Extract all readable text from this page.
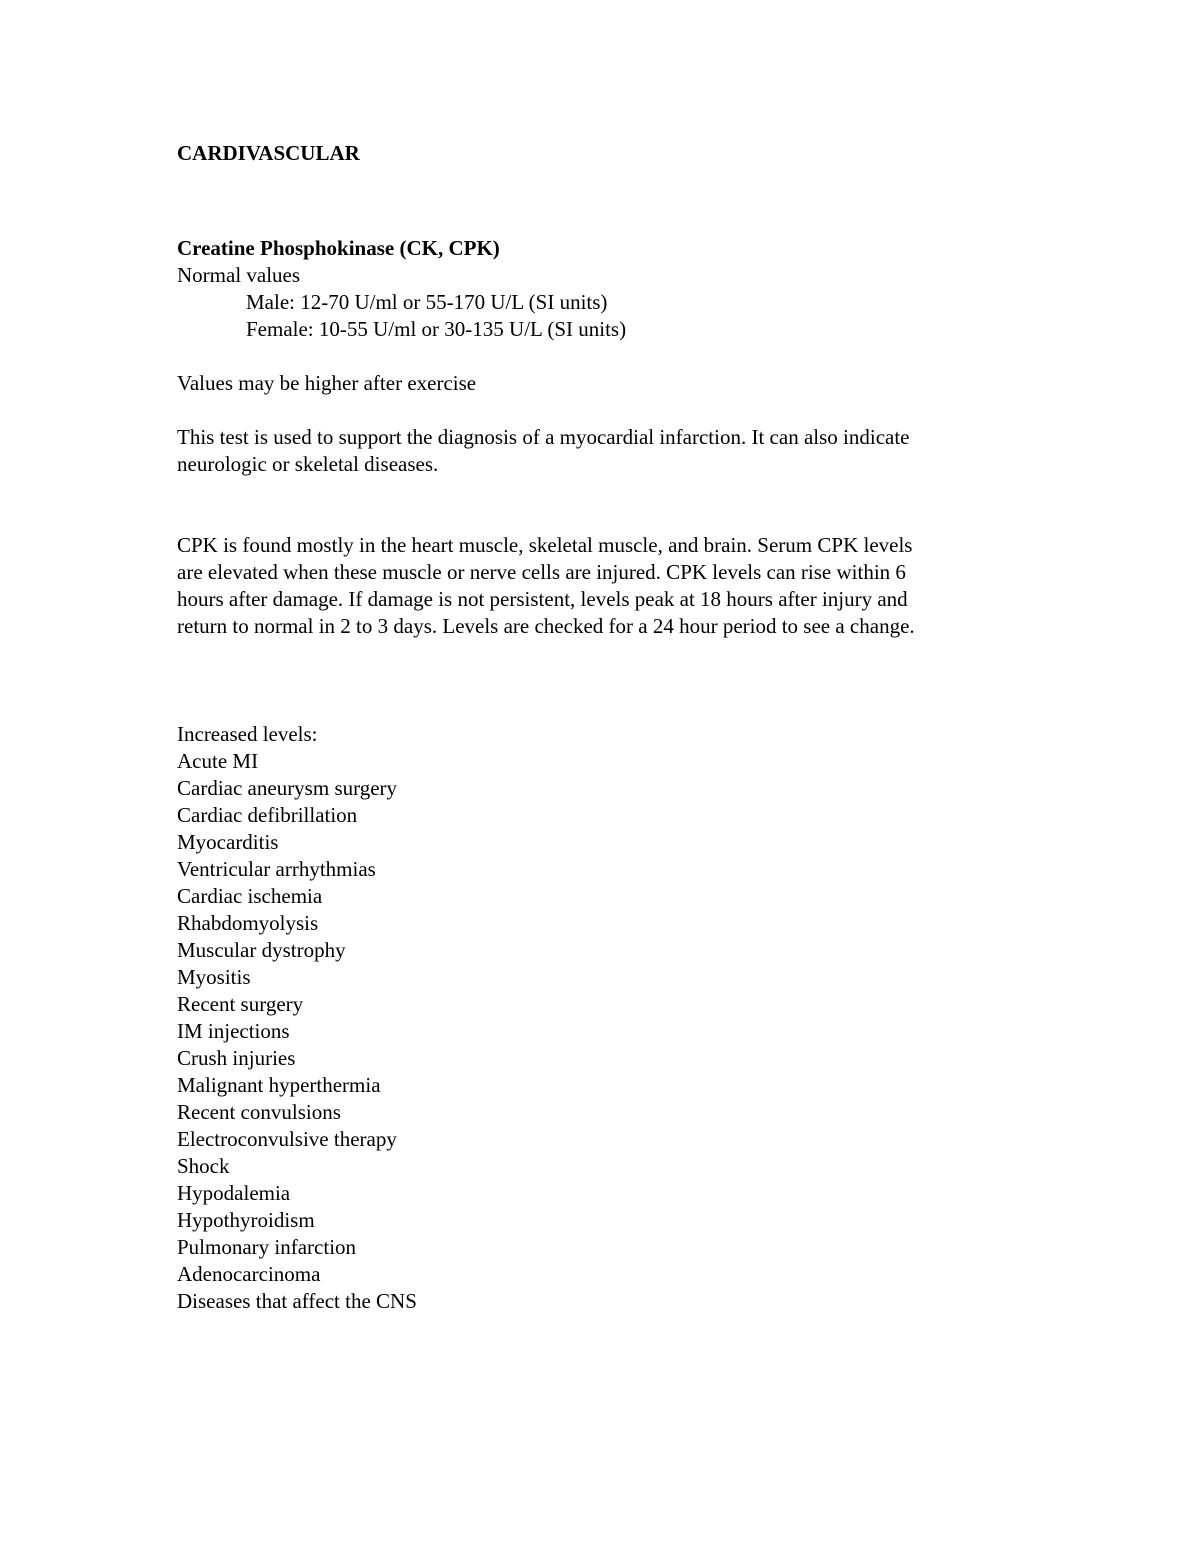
CARDIVASCULAR
Creatine Phosphokinase (CK, CPK)
Normal values
Male: 12-70 U/ml or 55-170 U/L (SI units)
Female: 10-55 U/ml or 30-135 U/L (SI units)
Values may be higher after exercise
This test is used to support the diagnosis of a myocardial infarction. It can also indicate
neurologic or skeletal diseases.
CPK is found mostly in the heart muscle, skeletal muscle, and brain. Serum CPK levels
are elevated when these muscle or nerve cells are injured. CPK levels can rise within 6
hours after damage. If damage is not persistent, levels peak at 18 hours after injury and
return to normal in 2 to 3 days. Levels are checked for a 24 hour period to see a change.
Increased levels:
Acute MI
Cardiac aneurysm surgery
Cardiac defibrillation
Myocarditis
Ventricular arrhythmias
Cardiac ischemia
Rhabdomyolysis
Muscular dystrophy
Myositis
Recent surgery
IM injections
Crush injuries
Malignant hyperthermia
Recent convulsions
Electroconvulsive therapy
Shock
Hypodalemia
Hypothyroidism
Pulmonary infarction
Adenocarcinoma
Diseases that affect the CNS
